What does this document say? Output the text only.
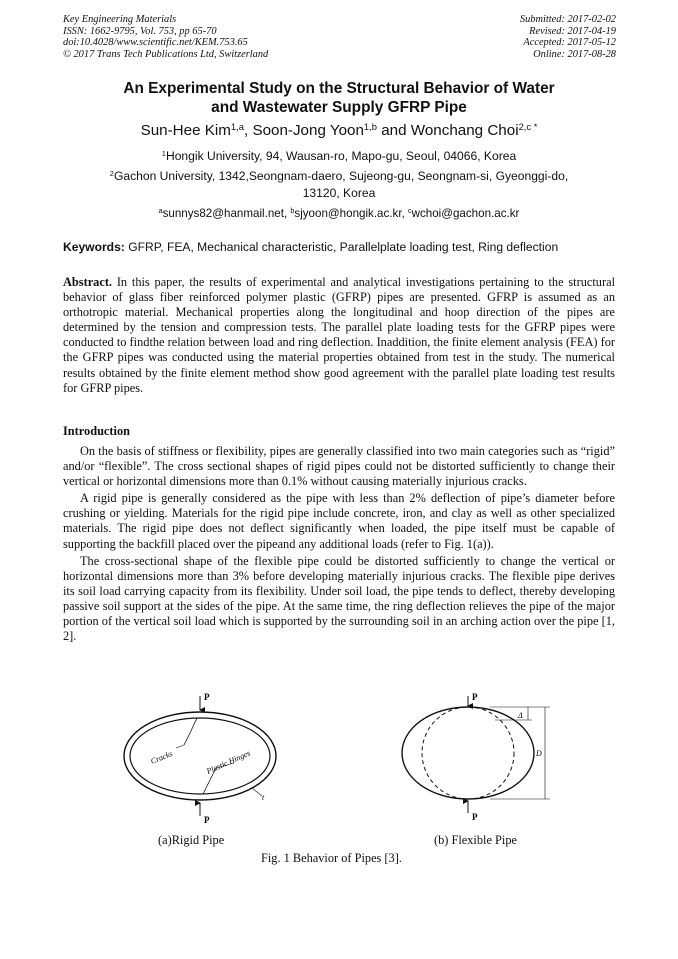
Key Engineering Materials
ISSN: 1662-9795, Vol. 753, pp 65-70
doi:10.4028/www.scientific.net/KEM.753.65
© 2017 Trans Tech Publications Ltd, Switzerland
Submitted: 2017-02-02
Revised: 2017-04-19
Accepted: 2017-05-12
Online: 2017-08-28
An Experimental Study on the Structural Behavior of Water
and Wastewater Supply GFRP Pipe
Sun-Hee Kim$^{1,a}$, Soon-Jong Yoon$^{1,b}$ and Wonchang Choi$^{2,c *}$
$^1$Hongik University, 94, Wausan-ro, Mapo-gu, Seoul, 04066, Korea
$^2$Gachon University, 1342,Seongnam-daero, Sujeong-gu, Seongnam-si, Gyeonggi-do,
13120, Korea
$^a$sunnys82@hanmail.net, $^b$sjyoon@hongik.ac.kr, $^c$wchoi@gachon.ac.kr
Keywords: GFRP, FEA, Mechanical characteristic, Parallelplate loading test, Ring deflection
Abstract. In this paper, the results of experimental and analytical investigations pertaining to the structural behavior of glass fiber reinforced polymer plastic (GFRP) pipes are presented. GFRP is assumed as an orthotropic material. Mechanical properties along the longitudinal and hoop direction of the pipes are determined by the tension and compression tests. The parallel plate loading tests for the GFRP pipes were conducted to findthe relation between load and ring deflection. Inaddition, the finite element analysis (FEA) for the GFRP pipes was conducted using the material properties obtained from test in the study. The numerical results obtained by the finite element method show good agreement with the parallel plate loading test results for GFRP pipes.
Introduction

On the basis of stiffness or flexibility, pipes are generally classified into two main categories such as “rigid” and/or “flexible”. The cross sectional shapes of rigid pipes could not be distorted sufficiently to change their vertical or horizontal dimensions more than 0.1% without causing materially injurious cracks.

A rigid pipe is generally considered as the pipe with less than 2% deflection of pipe’s diameter before crushing or yielding. Materials for the rigid pipe include concrete, iron, and clay as well as other specialized materials. The rigid pipe does not deflect significantly when loaded, the pipe itself must be capable of supporting the backfill placed over the pipeand any additional loads (refer to Fig. 1(a)).

The cross-sectional shape of the flexible pipe could be distorted sufficiently to change the vertical or horizontal dimensions more than 3% before developing materially injurious cracks. The flexible pipe derives its soil load carrying capacity from its flexibility. Under soil load, the pipe tends to deflect, thereby developing passive soil support at the sides of the pipe. At the same time, the ring deflection relieves the pipe of the major portion of the vertical soil load which is supported by the surrounding soil in an arching action over the pipe [1, 2].

P
P
Cracks	Plastic Hinges
t
P
P
Δ
D
(a)Rigid Pipe	(b) Flexible Pipe
Fig. 1 Behavior of Pipes [3].
